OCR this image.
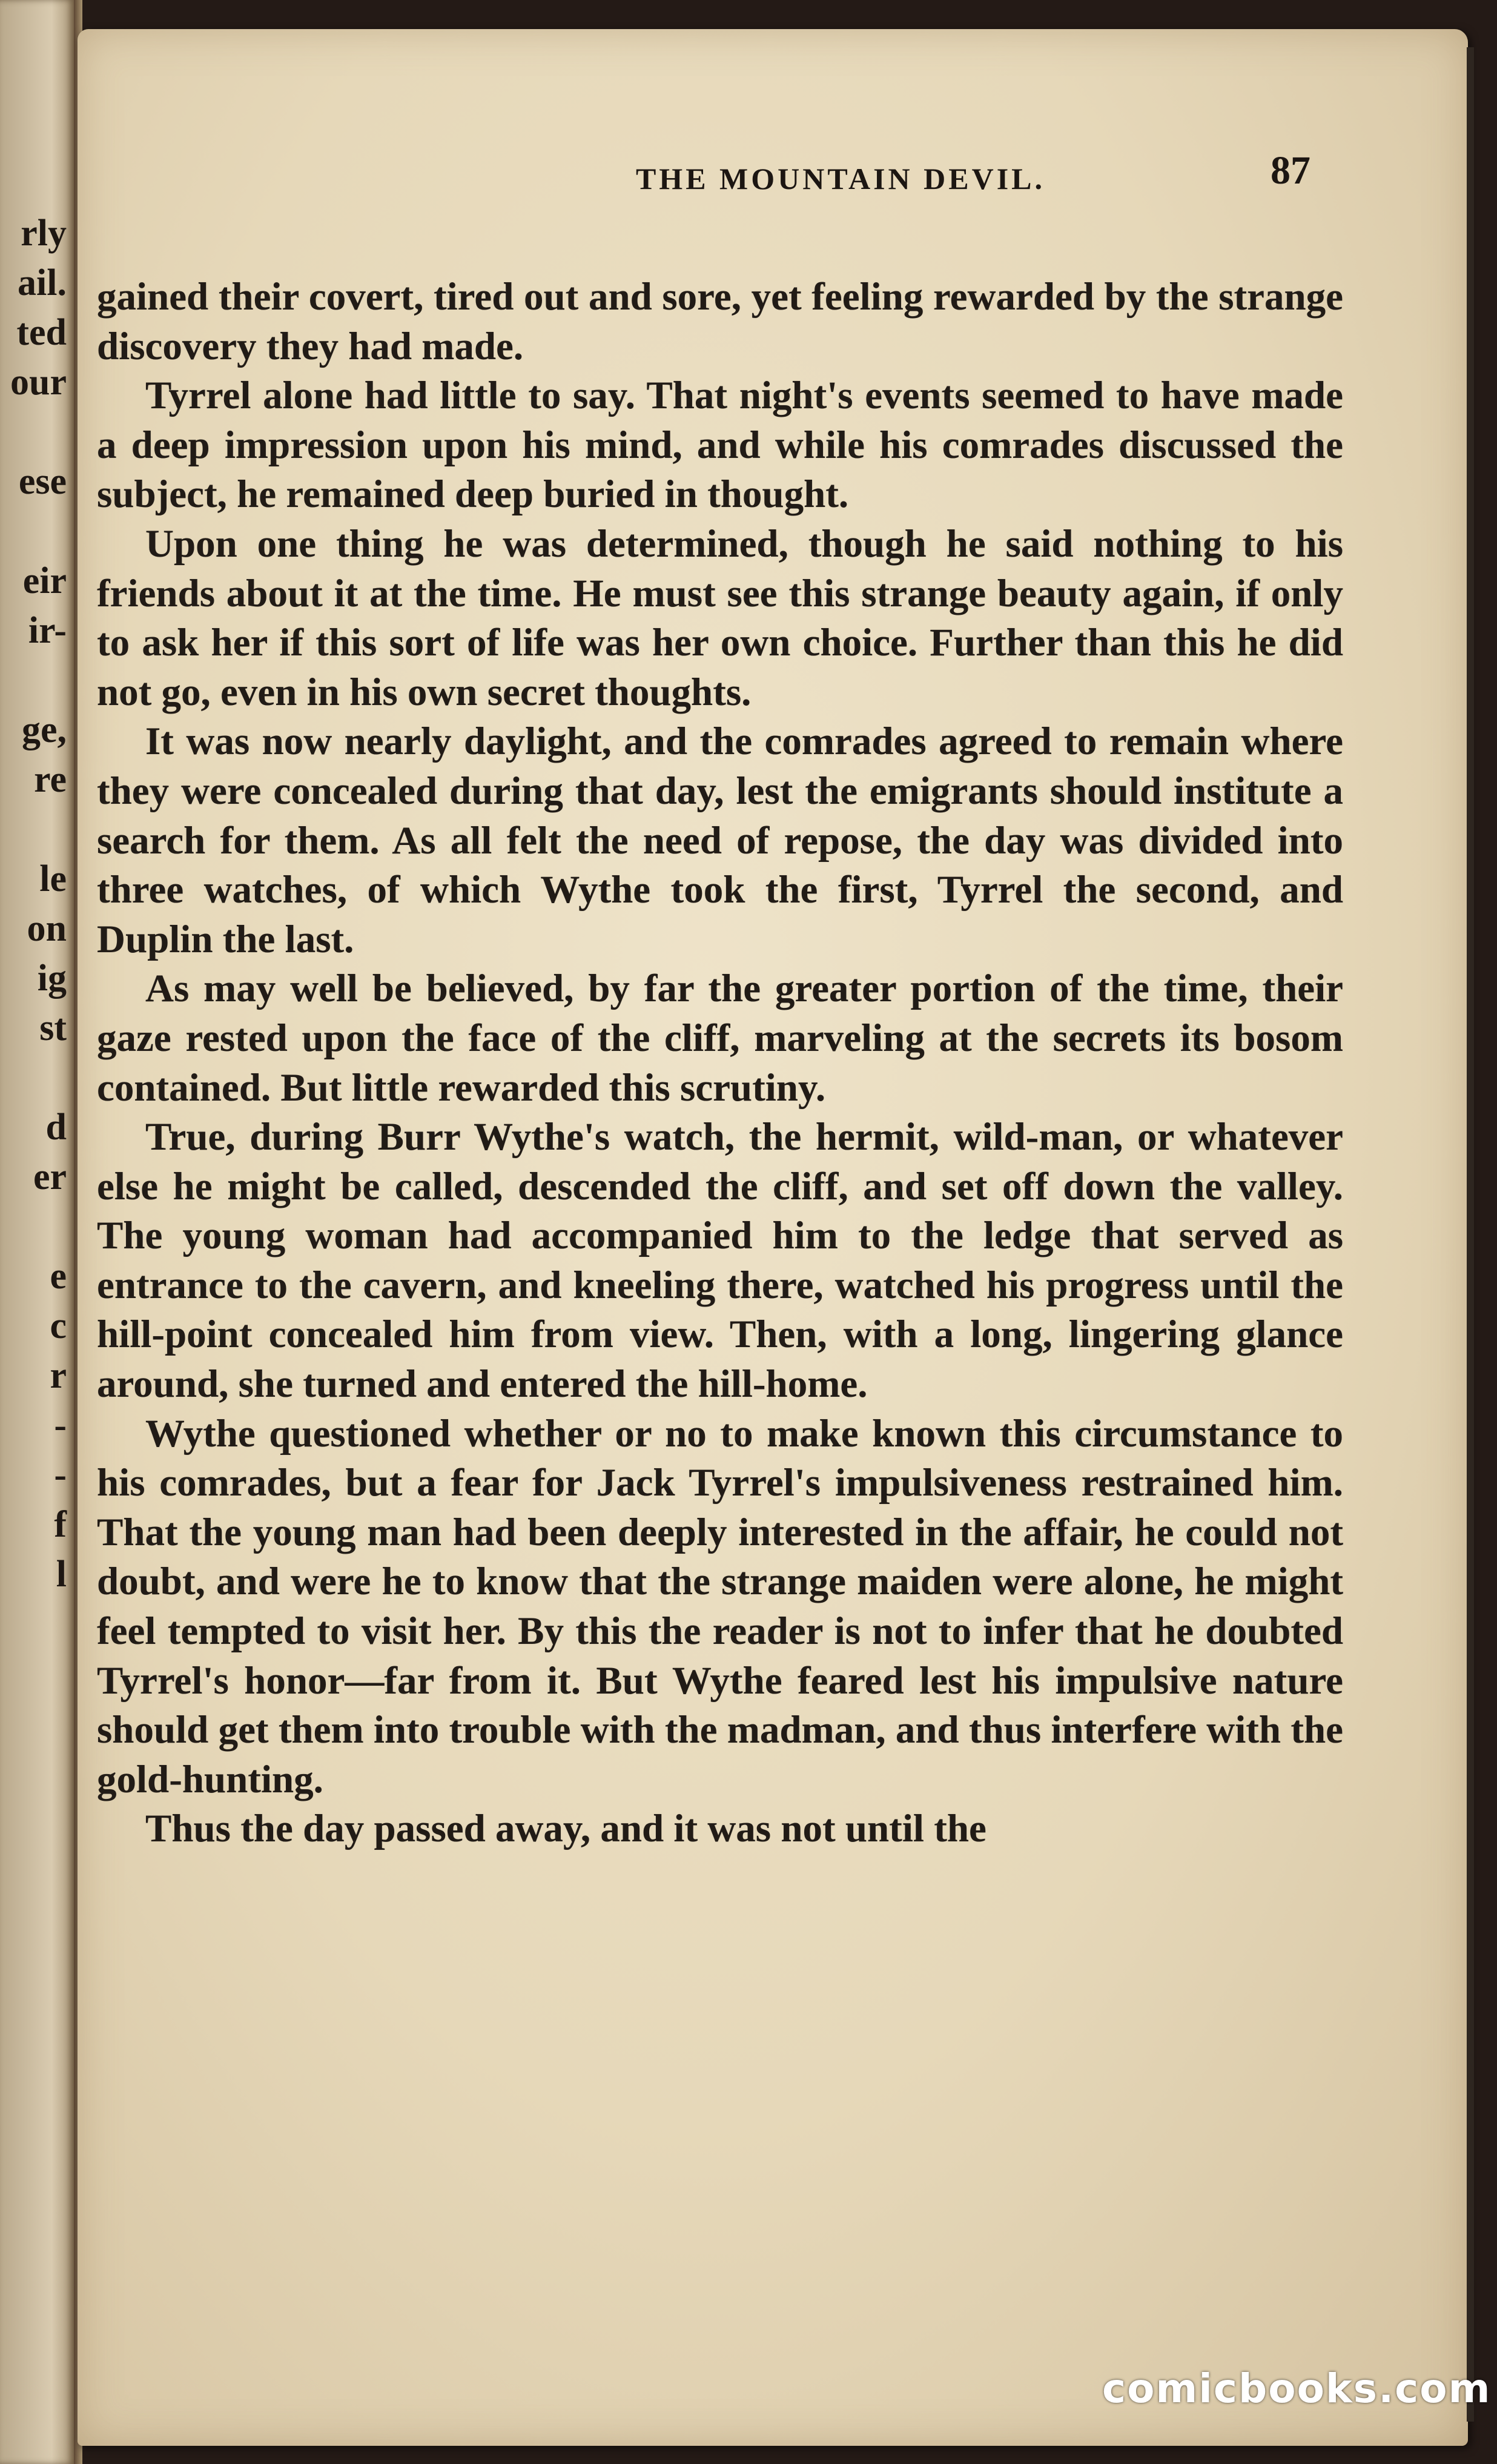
rly
ail.
ted
our
ese
eir
ir-
ge,
re
le
on
ig
st
d
er
e
c
r
-
-
f
l
THE MOUNTAIN DEVIL.	87

gained their covert, tired out and sore, yet feeling rewarded by the strange discovery they had made.

Tyrrel alone had little to say. That night's events seemed to have made a deep impression upon his mind, and while his comrades discussed the subject, he remained deep buried in thought.

Upon one thing he was determined, though he said nothing to his friends about it at the time. He must see this strange beauty again, if only to ask her if this sort of life was her own choice. Further than this he did not go, even in his own secret thoughts.

It was now nearly daylight, and the comrades agreed to remain where they were concealed during that day, lest the emigrants should institute a search for them. As all felt the need of repose, the day was divided into three watches, of which Wythe took the first, Tyrrel the second, and Duplin the last.

As may well be believed, by far the greater portion of the time, their gaze rested upon the face of the cliff, marveling at the secrets its bosom contained. But little rewarded this scrutiny.

True, during Burr Wythe's watch, the hermit, wild-man, or whatever else he might be called, descended the cliff, and set off down the valley. The young woman had accompanied him to the ledge that served as entrance to the cavern, and kneeling there, watched his progress until the hill-point concealed him from view. Then, with a long, lingering glance around, she turned and entered the hill-home.

Wythe questioned whether or no to make known this circumstance to his comrades, but a fear for Jack Tyrrel's impulsiveness restrained him. That the young man had been deeply interested in the affair, he could not doubt, and were he to know that the strange maiden were alone, he might feel tempted to visit her. By this the reader is not to infer that he doubted Tyrrel's honor—far from it. But Wythe feared lest his impulsive nature should get them into trouble with the madman, and thus interfere with the gold-hunting.

Thus the day passed away, and it was not until the

comicbooks.com
